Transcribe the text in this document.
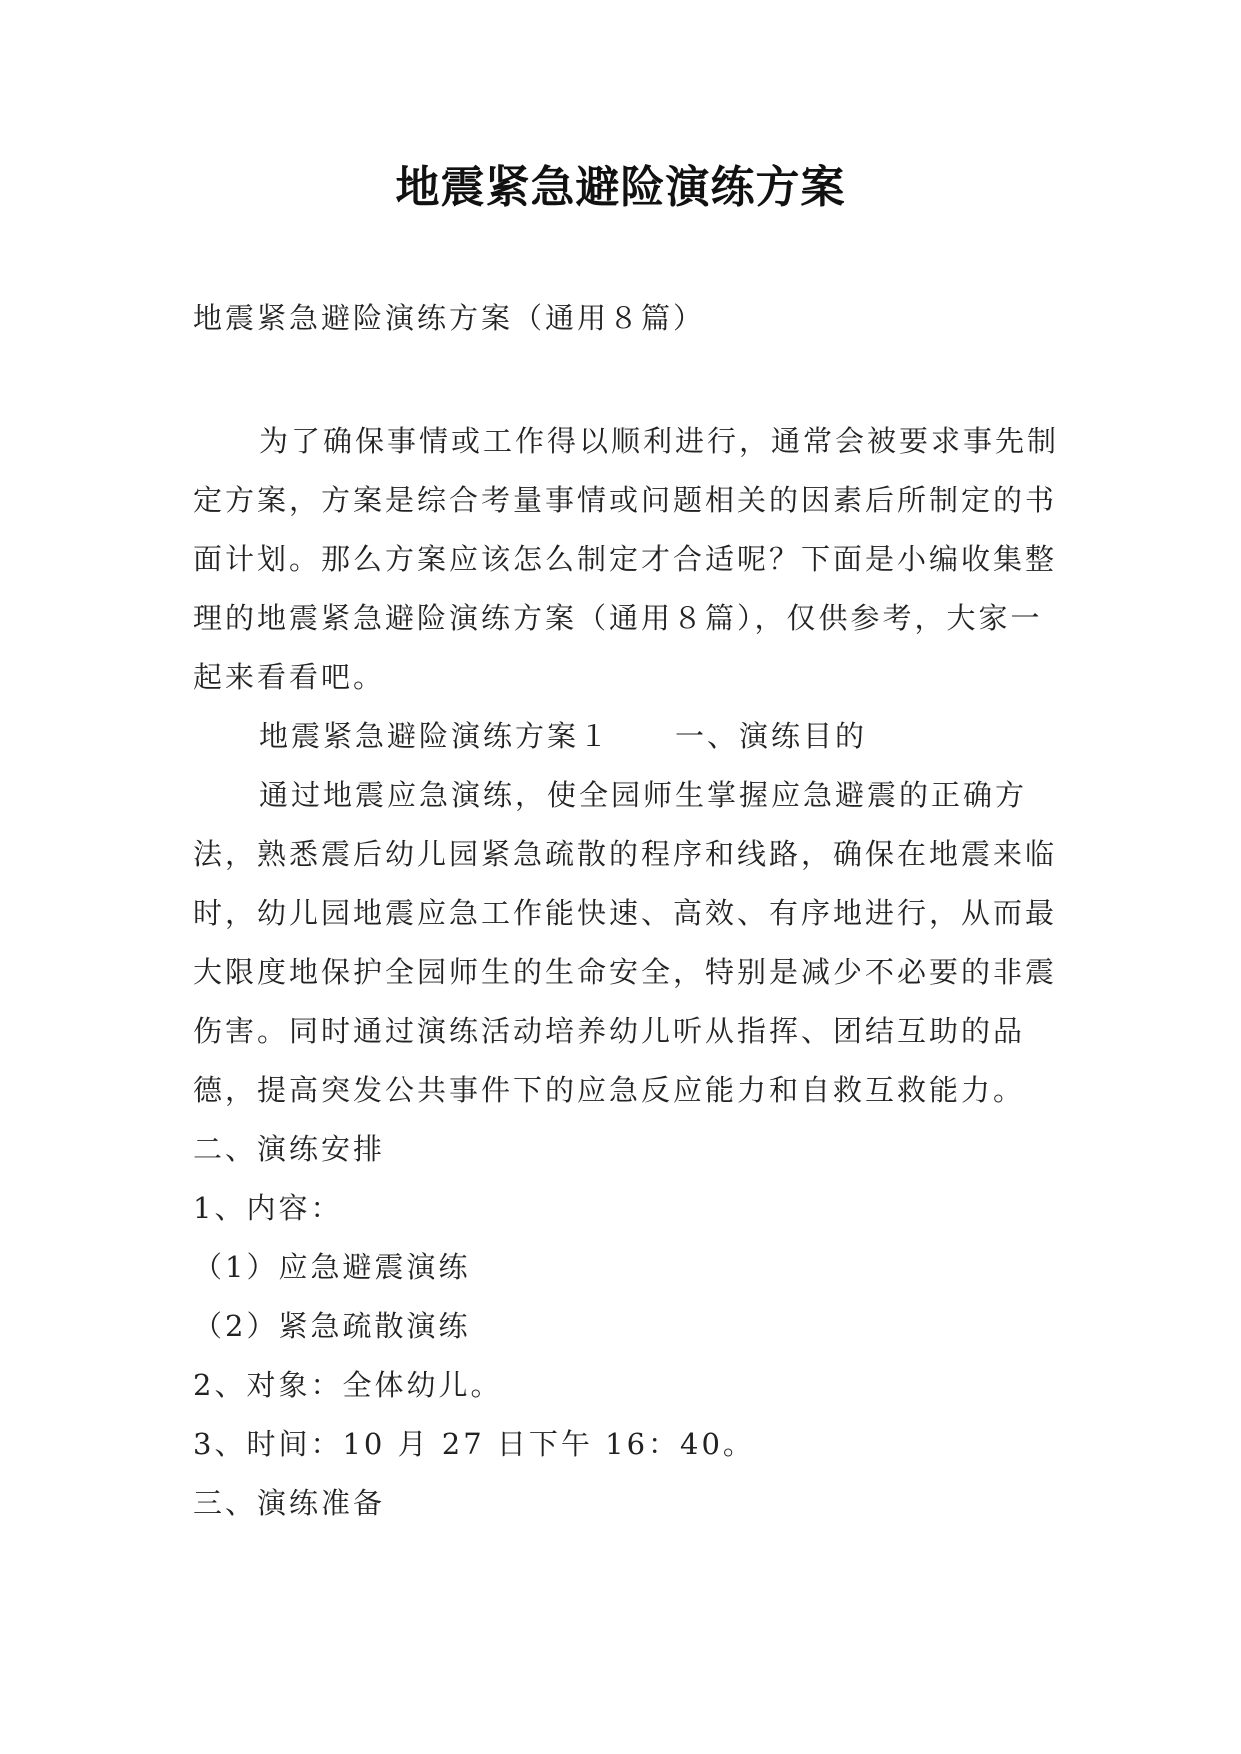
地震紧急避险演练方案
地震紧急避险演练方案（通用８篇）

为了确保事情或工作得以顺利进行，通常会被要求事先制定方案，方案是综合考量事情或问题相关的因素后所制定的书面计划。那么方案应该怎么制定才合适呢？下面是小编收集整理的地震紧急避险演练方案（通用８篇），仅供参考，大家一起来看看吧。

地震紧急避险演练方案１ 一、演练目的

通过地震应急演练，使全园师生掌握应急避震的正确方法，熟悉震后幼儿园紧急疏散的程序和线路，确保在地震来临时，幼儿园地震应急工作能快速、高效、有序地进行，从而最大限度地保护全园师生的生命安全，特别是减少不必要的非震伤害。同时通过演练活动培养幼儿听从指挥、团结互助的品德，提高突发公共事件下的应急反应能力和自救互救能力。

二、演练安排

1、内容：

（1）应急避震演练

（2）紧急疏散演练

2、对象：全体幼儿。

3、时间：10 月 27 日下午 16：40。

三、演练准备
